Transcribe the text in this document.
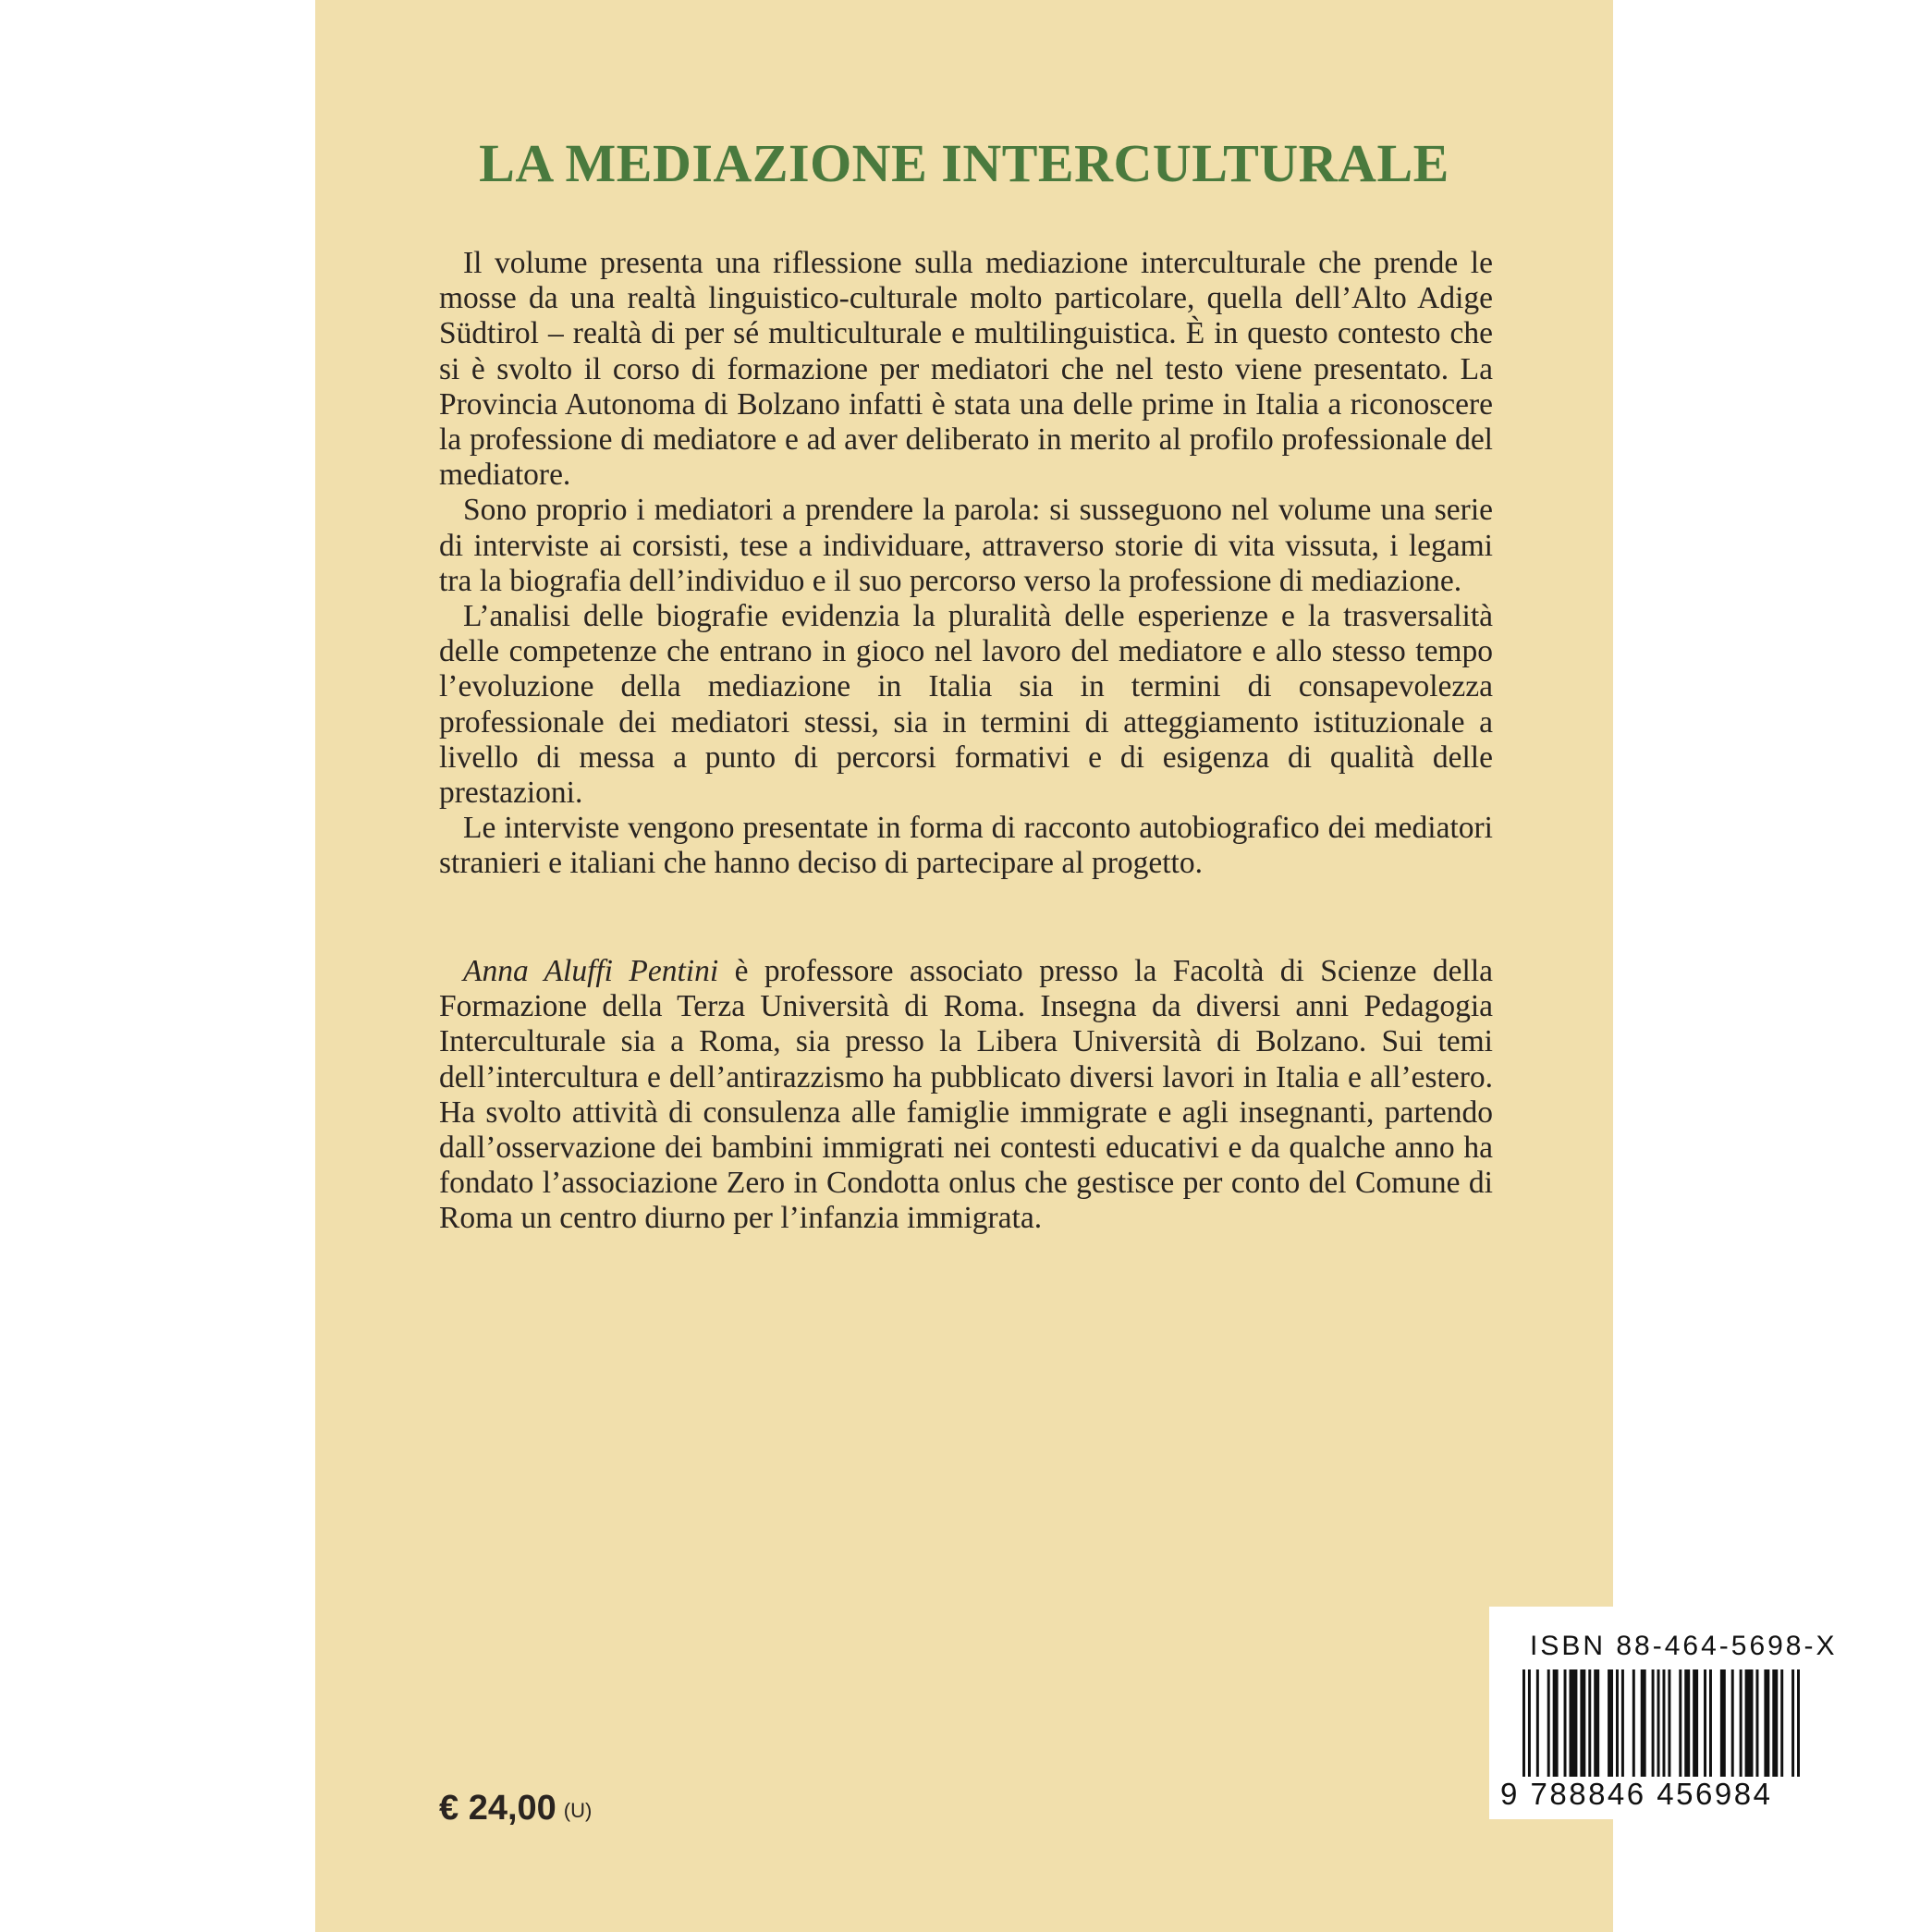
LA MEDIAZIONE INTERCULTURALE

Il volume presenta una riflessione sulla mediazione interculturale che prende le mosse da una realtà linguistico-culturale molto particolare, quella dell’Alto Adige Südtirol – realtà di per sé multiculturale e multilinguistica. È in questo contesto che si è svolto il corso di formazione per mediatori che nel testo viene presentato. La Provincia Autonoma di Bolzano infatti è stata una delle prime in Italia a riconoscere la professione di mediatore e ad aver deliberato in merito al profilo professionale del mediatore.

Sono proprio i mediatori a prendere la parola: si susseguono nel volume una serie di interviste ai corsisti, tese a individuare, attraverso storie di vita vissuta, i legami tra la biografia dell’individuo e il suo percorso verso la professione di mediazione.

L’analisi delle biografie evidenzia la pluralità delle esperienze e la trasversalità delle competenze che entrano in gioco nel lavoro del mediatore e allo stesso tempo l’evoluzione della mediazione in Italia sia in termini di consapevolezza professionale dei mediatori stessi, sia in termini di atteggiamento istituzionale a livello di messa a punto di percorsi formativi e di esigenza di qualità delle prestazioni.

Le interviste vengono presentate in forma di racconto autobiografico dei mediatori stranieri e italiani che hanno deciso di partecipare al progetto.

Anna Aluffi Pentini è professore associato presso la Facoltà di Scienze della Formazione della Terza Università di Roma. Insegna da diversi anni Pedagogia Interculturale sia a Roma, sia presso la Libera Università di Bolzano. Sui temi dell’intercultura e dell’antirazzismo ha pubblicato diversi lavori in Italia e all’estero. Ha svolto attività di consulenza alle famiglie immigrate e agli insegnanti, partendo dall’osservazione dei bambini immigrati nei contesti educativi e da qualche anno ha fondato l’associazione Zero in Condotta onlus che gestisce per conto del Comune di Roma un centro diurno per l’infanzia immigrata.

€ 24,00 (U)
ISBN 88-464-5698-X
9 788846 456984
